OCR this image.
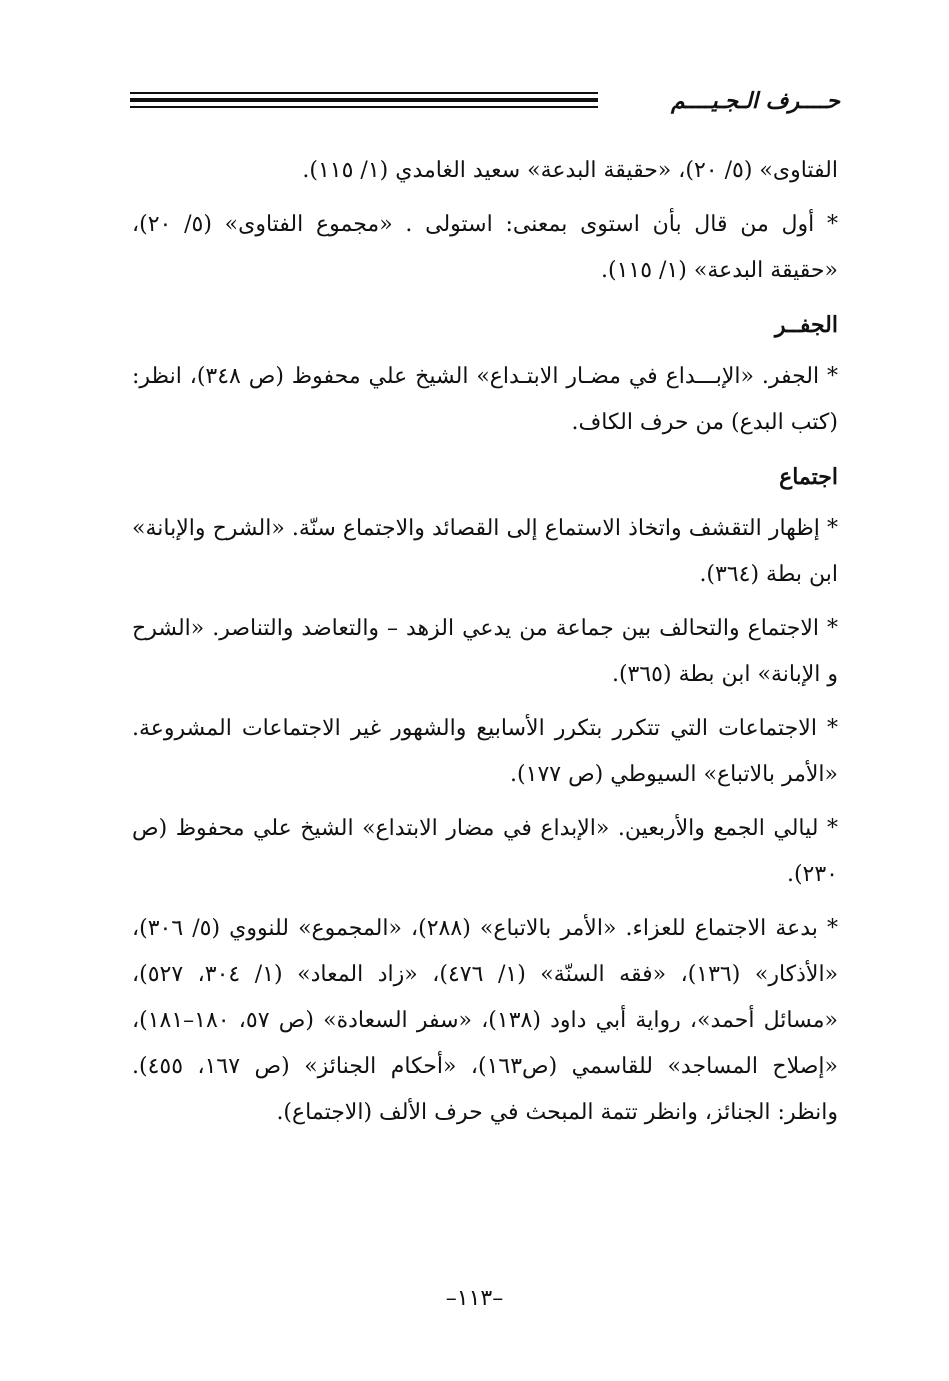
حــــرف الـجـيــــم

الفتاوى» (٥/ ٢٠)، «حقيقة البدعة» سعيد الغامدي (١/ ١١٥).

* أول من قال بأن استوى بمعنى: استولى . «مجموع الفتاوى» (٥/ ٢٠)، «حقيقة البدعة» (١/ ١١٥).

الجفــر

* الجفر. «الإبـــداع في مضـار الابتـداع» الشيخ علي محفوظ (ص ٣٤٨)، انظر: (كتب البدع) من حرف الكاف.

اجتماع

* إظهار التقشف واتخاذ الاستماع إلى القصائد والاجتماع سنّة. «الشرح والإبانة» ابن بطة (٣٦٤).

* الاجتماع والتحالف بين جماعة من يدعي الزهد – والتعاضد والتناصر. «الشرح و الإبانة» ابن بطة (٣٦٥).

* الاجتماعات التي تتكرر بتكرر الأسابيع والشهور غير الاجتماعات المشروعة. «الأمر بالاتباع» السيوطي (ص ١٧٧).

* ليالي الجمع والأربعين. «الإبداع في مضار الابتداع» الشيخ علي محفوظ (ص ٢٣٠).

* بدعة الاجتماع للعزاء. «الأمر بالاتباع» (٢٨٨)، «المجموع» للنووي (٥/ ٣٠٦)، «الأذكار» (١٣٦)، «فقه السنّة» (١/ ٤٧٦)، «زاد المعاد» (١/ ٣٠٤، ٥٢٧)، «مسائل أحمد»، رواية أبي داود (١٣٨)، «سفر السعادة» (ص ٥٧، ١٨٠–١٨١)، «إصلاح المساجد» للقاسمي (ص١٦٣)، «أحكام الجنائز» (ص ١٦٧، ٤٥٥). وانظر: الجنائز، وانظر تتمة المبحث في حرف الألف (الاجتماع).

–١١٣–
